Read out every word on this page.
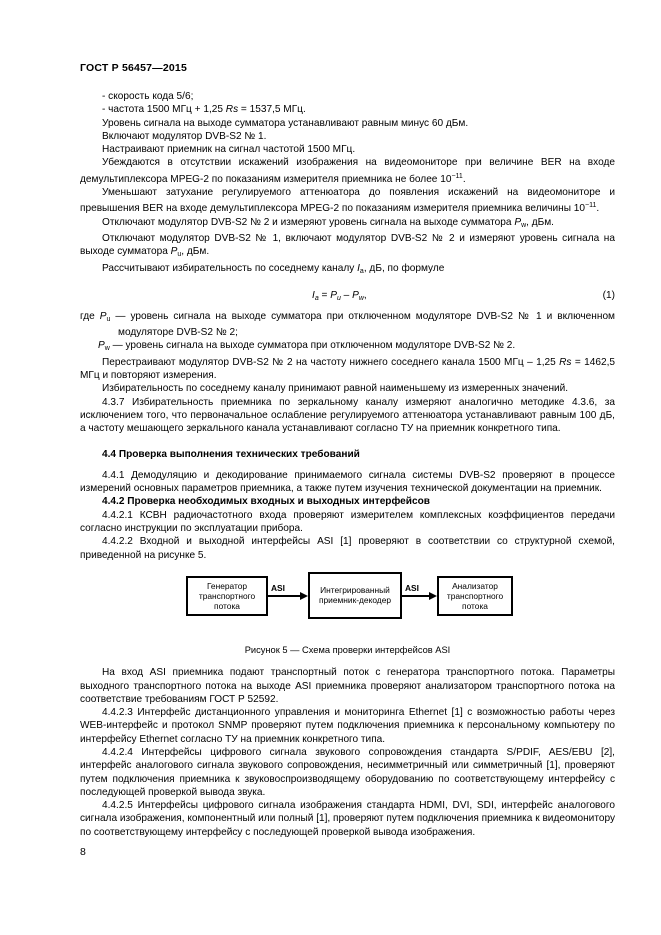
ГОСТ Р 56457—2015

- скорость кода 5/6;

- частота 1500 МГц + 1,25 Rs = 1537,5 МГц.

Уровень сигнала на выходе сумматора устанавливают равным минус 60 дБм.

Включают модулятор DVB-S2 № 1.

Настраивают приемник на сигнал частотой 1500 МГц.

Убеждаются в отсутствии искажений изображения на видеомониторе при величине BER на входе демультиплексора MPEG-2 по показаниям измерителя приемника не более $10^{-11}$.

Уменьшают затухание регулируемого аттенюатора до появления искажений на видеомониторе и превышения BER на входе демультиплексора MPEG-2 по показаниям измерителя приемника величины $10^{-11}$.

Отключают модулятор DVB-S2 № 2 и измеряют уровень сигнала на выходе сумматора $P_w$, дБм.

Отключают модулятор DVB-S2 № 1, включают модулятор DVB-S2 № 2 и измеряют уровень сигнала на выходе сумматора $P_u$, дБм.

Рассчитывают избирательность по соседнему каналу $I_a$, дБ, по формуле

$I_a = P_u - P_w$,	(1)

где $P_u$ — уровень сигнала на выходе сумматора при отключенном модуляторе DVB-S2 № 1 и включенном модуляторе DVB-S2 № 2;

$P_w$ — уровень сигнала на выходе сумматора при отключенном модуляторе DVB-S2 № 2.

Перестраивают модулятор DVB-S2 № 2 на частоту нижнего соседнего канала 1500 МГц – 1,25 Rs = 1462,5 МГц и повторяют измерения.

Избирательность по соседнему каналу принимают равной наименьшему из измеренных значений.

4.3.7 Избирательность приемника по зеркальному каналу измеряют аналогично методике 4.3.6, за исключением того, что первоначальное ослабление регулируемого аттенюатора устанавливают равным 100 дБ, а частоту мешающего зеркального канала устанавливают согласно ТУ на приемник конкретного типа.

4.4 Проверка выполнения технических требований

4.4.1 Демодуляцию и декодирование принимаемого сигнала системы DVB-S2 проверяют в процессе измерений основных параметров приемника, а также путем изучения технической документации на приемник.

4.4.2 Проверка необходимых входных и выходных интерфейсов

4.4.2.1 КСВН радиочастотного входа проверяют измерителем комплексных коэффициентов передачи согласно инструкции по эксплуатации прибора.

4.4.2.2 Входной и выходной интерфейсы ASI [1] проверяют в соответствии со структурной схемой, приведенной на рисунке 5.

Генератор транспортного потока
ASI	Интегрированный приемник-декодер
ASI	Анализатор транспортного потока

Рисунок 5 — Схема проверки интерфейсов ASI

На вход ASI приемника подают транспортный поток с генератора транспортного потока. Параметры выходного транспортного потока на выходе ASI приемника проверяют анализатором транспортного потока на соответствие требованиям ГОСТ Р 52592.

4.4.2.3 Интерфейс дистанционного управления и мониторинга Ethernet [1] с возможностью работы через WEB-интерфейс и протокол SNMP проверяют путем подключения приемника к персональному компьютеру по интерфейсу Ethernet согласно ТУ на приемник конкретного типа.

4.4.2.4 Интерфейсы цифрового сигнала звукового сопровождения стандарта S/PDIF, AES/EBU [2], интерфейс аналогового сигнала звукового сопровождения, несимметричный или симметричный [1], проверяют путем подключения приемника к звуковоспроизводящему оборудованию по соответствующему интерфейсу с последующей проверкой вывода звука.

4.4.2.5 Интерфейсы цифрового сигнала изображения стандарта HDMI, DVI, SDI, интерфейс аналогового сигнала изображения, компонентный или полный [1], проверяют путем подключения приемника к видеомонитору по соответствующему интерфейсу с последующей проверкой вывода изображения.

8
